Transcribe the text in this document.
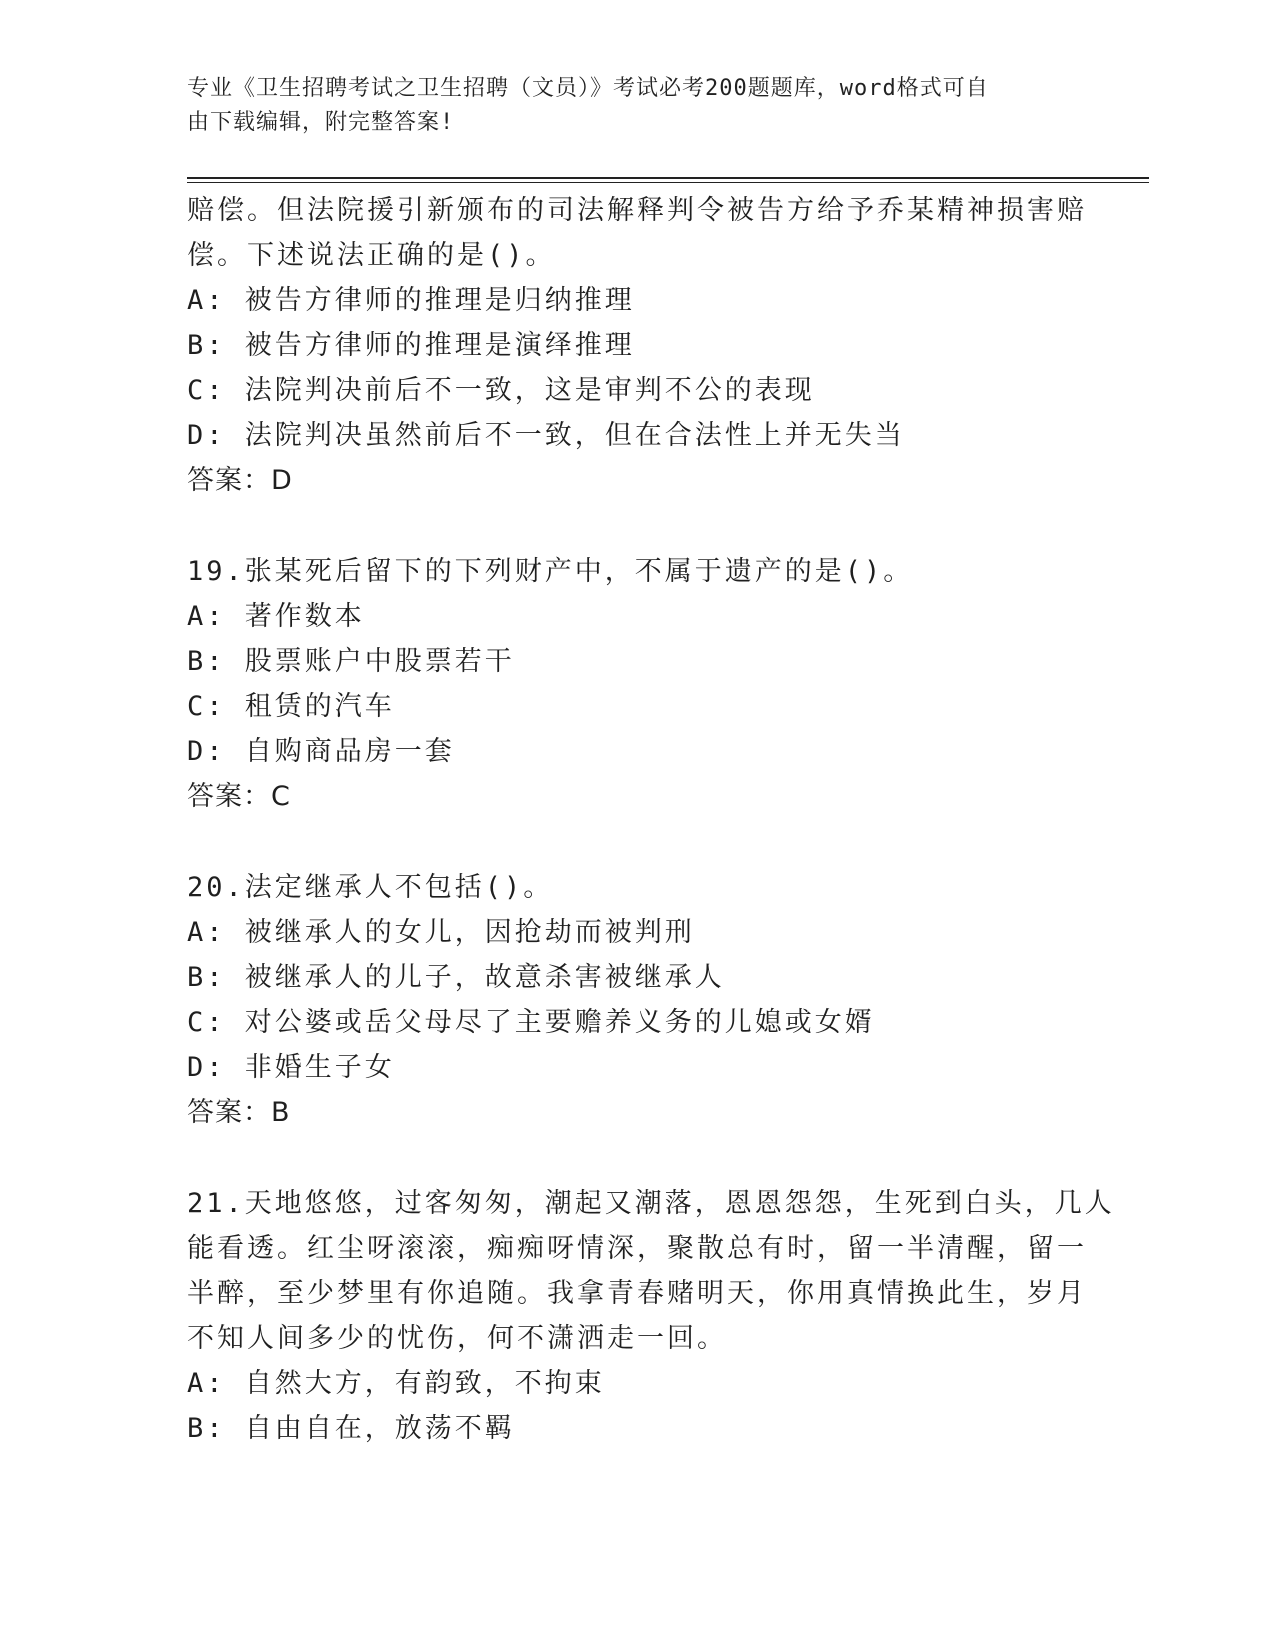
专业《卫生招聘考试之卫生招聘（文员）》考试必考200题题库，word格式可自
由下载编辑，附完整答案!
赔偿。但法院援引新颁布的司法解释判令被告方给予乔某精神损害赔
偿。下述说法正确的是()。
A: 被告方律师的推理是归纳推理
B: 被告方律师的推理是演绎推理
C: 法院判决前后不一致，这是审判不公的表现
D: 法院判决虽然前后不一致，但在合法性上并无失当
答案：D
19.张某死后留下的下列财产中，不属于遗产的是()。
A: 著作数本
B: 股票账户中股票若干
C: 租赁的汽车
D: 自购商品房一套
答案：C
20.法定继承人不包括()。
A: 被继承人的女儿，因抢劫而被判刑
B: 被继承人的儿子，故意杀害被继承人
C: 对公婆或岳父母尽了主要赡养义务的儿媳或女婿
D: 非婚生子女
答案：B
21.天地悠悠，过客匆匆，潮起又潮落，恩恩怨怨，生死到白头，几人
能看透。红尘呀滚滚，痴痴呀情深，聚散总有时，留一半清醒，留一
半醉，至少梦里有你追随。我拿青春赌明天，你用真情换此生，岁月
不知人间多少的忧伤，何不潇洒走一回。
A: 自然大方，有韵致，不拘束
B: 自由自在，放荡不羁
